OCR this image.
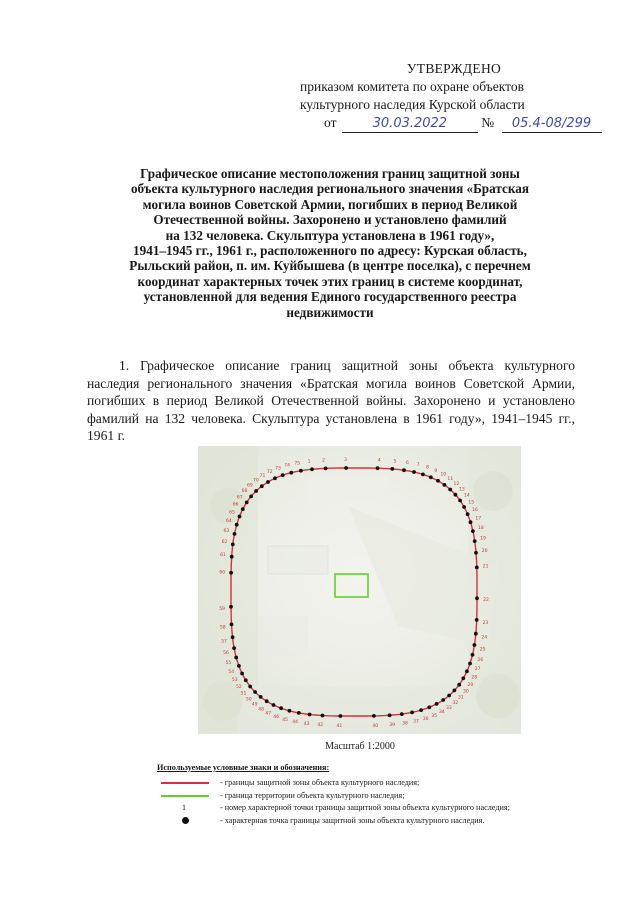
УТВЕРЖДЕНО
приказом комитета по охране объектов
культурного наследия Курской области
от	30.03.2022	№ 05.4-08/299
Графическое описание местоположения границ защитной зоны
объекта культурного наследия регионального значения «Братская
могила воинов Советской Армии, погибших в период Великой
Отечественной войны. Захоронено и установлено фамилий
на 132 человека. Скульптура установлена в 1961 году»,
1941–1945 гг., 1961 г., расположенного по адресу: Курская область,
Рыльский район, п. им. Куйбышева (в центре поселка), с перечнем
координат характерных точек этих границ в системе координат,
установленной для ведения Единого государственного реестра
недвижимости
1. Графическое описание границ защитной зоны объекта культурного наследия регионального значения «Братская могила воинов Советской Армии, погибших в период Великой Отечественной войны. Захоронено и установлено фамилий на 132 человека. Скульптура установлена в 1961 году», 1941–1945 гг., 1961 г.
1	2	3	4	5 6 7
8
9
10
11
12
13
14
15
16
17
18
19
20
21
22
23
24
25
26
27
28
29
30
31
32
33
34
35
36
37
38
39
40
41
42
43
44
45
46
47
48
49
50
51
52
53
54
55
56
57
58
59
60
61
62
63
64
65
66
67
68
69
70
71
72
73
74 75
Масштаб 1:2000
Используемые условные знаки и обозначения:
- границы защитной зоны объекта культурного наследия;
- граница территории объекта культурного наследия;
1	- номер характерной точки границы защитной зоны объекта культурного наследия;
- характерная точка границы защитной зоны объекта культурного наследия.
